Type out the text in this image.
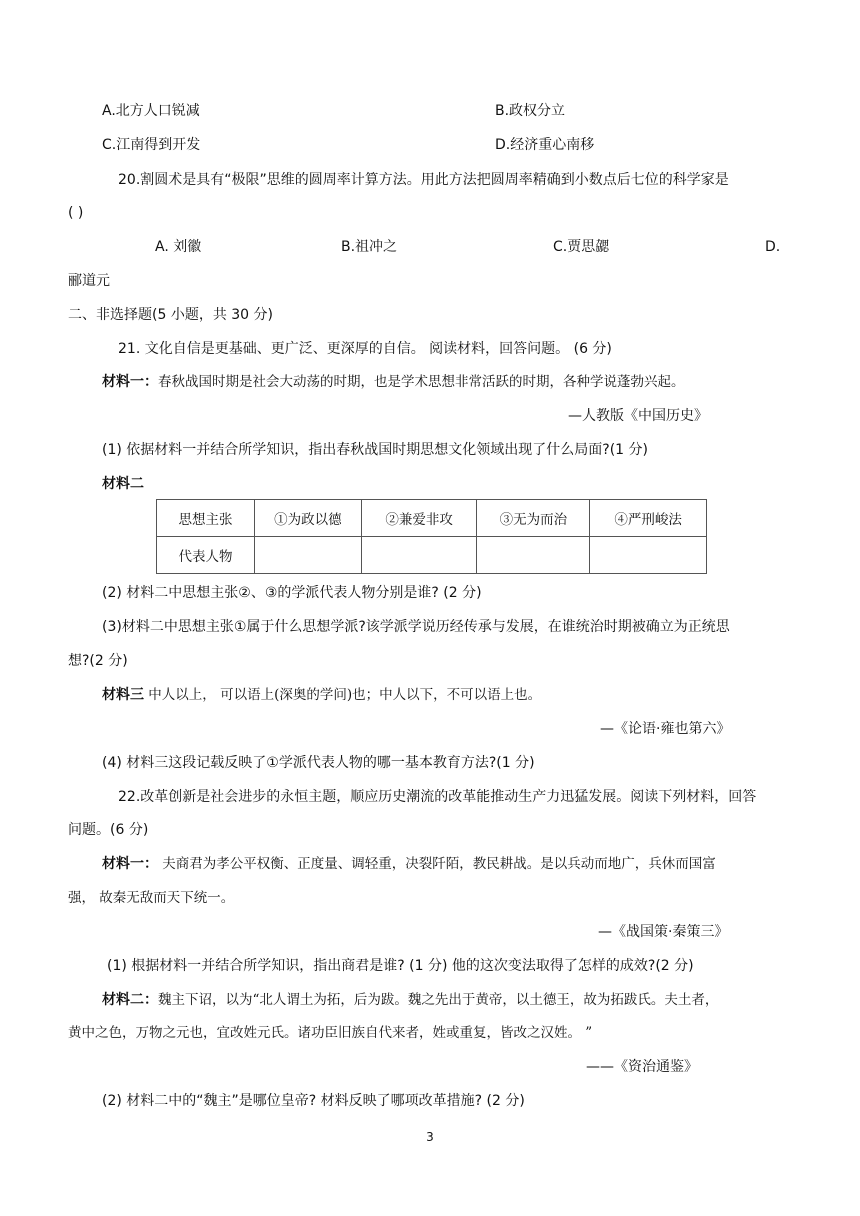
A.北方人口锐减	B.政权分立
C.江南得到开发	D.经济重心南移
20.割圆术是具有“极限”思维的圆周率计算方法。用此方法把圆周率精确到小数点后七位的科学家是
( )
A. 刘徽	B.祖冲之	C.贾思勰	D.
郦道元
二、非选择题(5 小题，共 30 分)
21. 文化自信是更基础、更广泛、更深厚的自信。 阅读材料，回答问题。 (6 分)
材料一：春秋战国时期是社会大动荡的时期，也是学术思想非常活跃的时期，各种学说蓬勃兴起。
—人教版《中国历史》
(1) 依据材料一并结合所学知识，指出春秋战国时期思想文化领域出现了什么局面?(1 分)
材料二
思想主张	①为政以德	②兼爱非攻	③无为而治	④严刑峻法
代表人物				
(2) 材料二中思想主张②、③的学派代表人物分别是谁? (2 分)
(3)材料二中思想主张①属于什么思想学派?该学派学说历经传承与发展，在谁统治时期被确立为正统思
想?(2 分)
材料三 中人以上， 可以语上(深奥的学问)也；中人以下，不可以语上也。
—《论语·雍也第六》
(4) 材料三这段记载反映了①学派代表人物的哪一基本教育方法?(1 分)
22.改革创新是社会进步的永恒主题，顺应历史潮流的改革能推动生产力迅猛发展。阅读下列材料，回答
问题。(6 分)
材料一： 夫商君为孝公平权衡、正度量、调轻重，决裂阡陌，教民耕战。是以兵动而地广，兵休而国富
强， 故秦无敌而天下统一。
—《战国策·秦策三》
(1) 根据材料一并结合所学知识，指出商君是谁? (1 分) 他的这次变法取得了怎样的成效?(2 分)
材料二：魏主下诏，以为“北人谓土为拓，后为跋。魏之先出于黄帝，以土德王，故为拓跋氏。夫土者，
黄中之色，万物之元也，宜改姓元氏。诸功臣旧族自代来者，姓或重复，皆改之汉姓。 ”
——《资治通鉴》
(2) 材料二中的“魏主”是哪位皇帝? 材料反映了哪项改革措施? (2 分)
3
